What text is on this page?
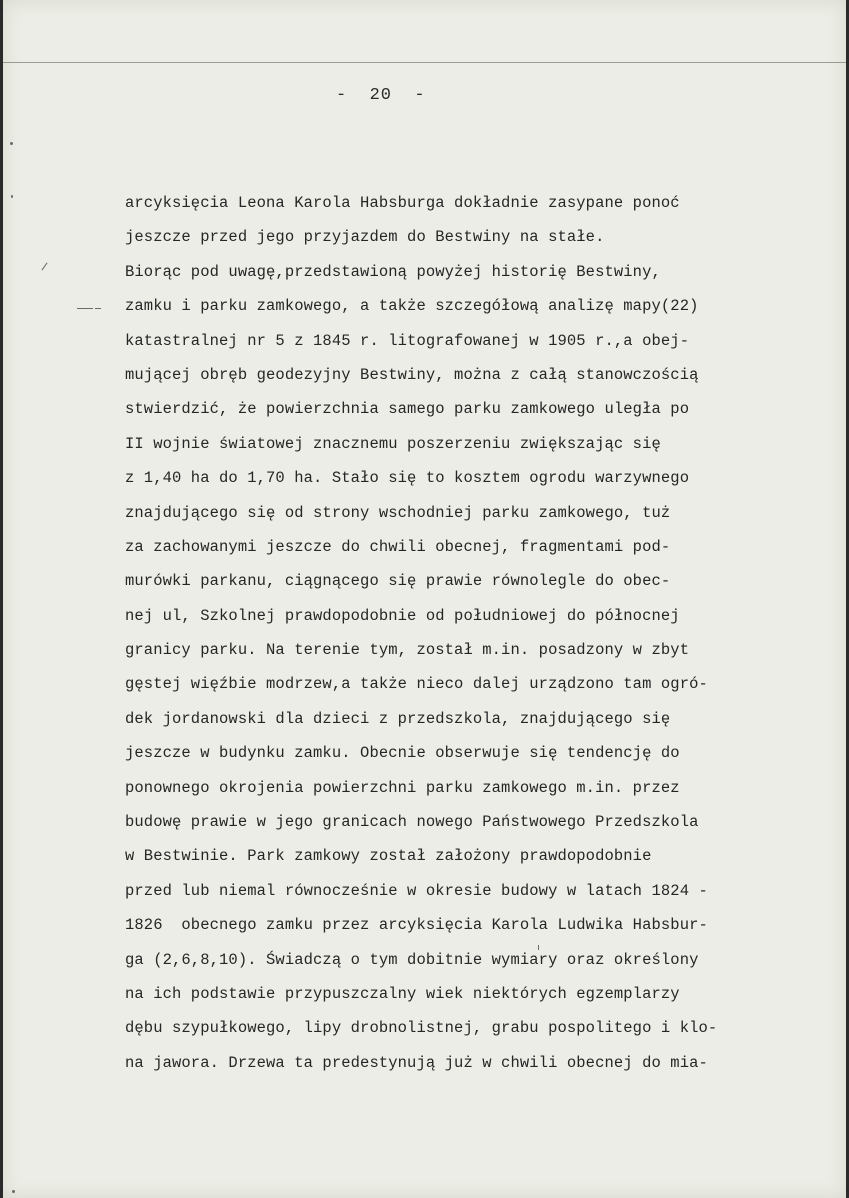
-  20  -
arcyksięcia Leona Karola Habsburga dokładnie zasypane ponoć
jeszcze przed jego przyjazdem do Bestwiny na stałe.
Biorąc pod uwagę,przedstawioną powyżej historię Bestwiny,
zamku i parku zamkowego, a także szczegółową analizę mapy(22)
katastralnej nr 5 z 1845 r. litografowanej w 1905 r.,a obej-
mującej obręb geodezyjny Bestwiny, można z całą stanowczością
stwierdzić, że powierzchnia samego parku zamkowego uległa po
II wojnie światowej znacznemu poszerzeniu zwiększając się
z 1,40 ha do 1,70 ha. Stało się to kosztem ogrodu warzywnego
znajdującego się od strony wschodniej parku zamkowego, tuż
za zachowanymi jeszcze do chwili obecnej, fragmentami pod-
murówki parkanu, ciągnącego się prawie równolegle do obec-
nej ul, Szkolnej prawdopodobnie od południowej do północnej
granicy parku. Na terenie tym, został m.in. posadzony w zbyt
gęstej więźbie modrzew,a także nieco dalej urządzono tam ogró-
dek jordanowski dla dzieci z przedszkola, znajdującego się
jeszcze w budynku zamku. Obecnie obserwuje się tendencję do
ponownego okrojenia powierzchni parku zamkowego m.in. przez
budowę prawie w jego granicach nowego Państwowego Przedszkola
w Bestwinie. Park zamkowy został założony prawdopodobnie
przed lub niemal równocześnie w okresie budowy w latach 1824 -
1826  obecnego zamku przez arcyksięcia Karola Ludwika Habsbur-
ga (2,6,8,10). Świadczą o tym dobitnie wymiary oraz określony
na ich podstawie przypuszczalny wiek niektórych egzemplarzy
dębu szypułkowego, lipy drobnolistnej, grabu pospolitego i klo-
na jawora. Drzewa ta predestynują już w chwili obecnej do mia-
